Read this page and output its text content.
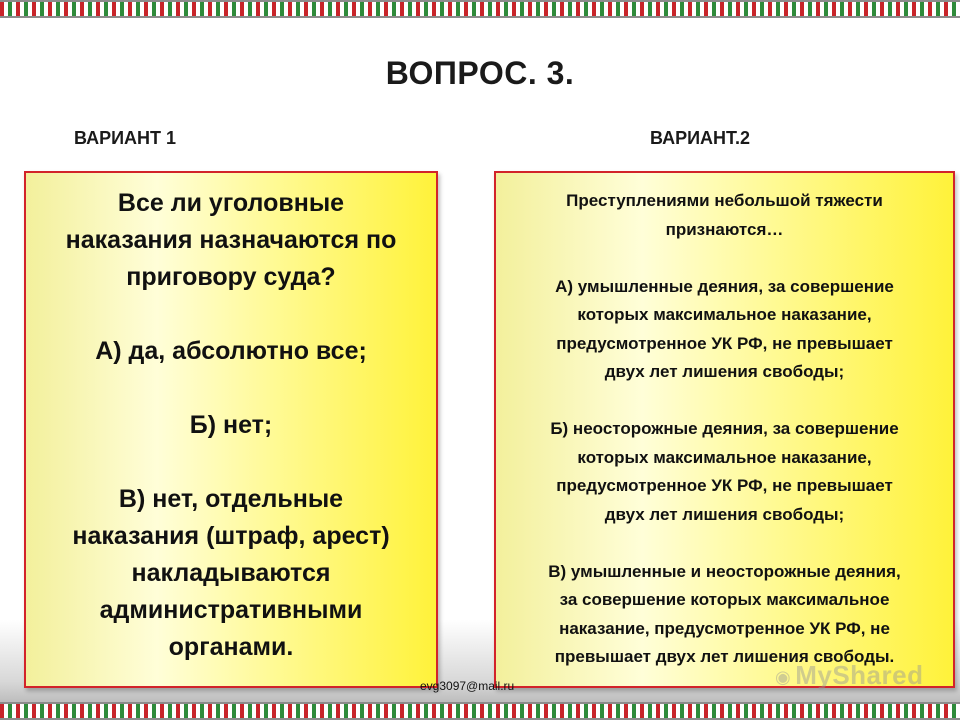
ВОПРОС. 3.
ВАРИАНТ 1	ВАРИАНТ.2

Все ли уголовные

наказания назначаются по

приговору суда?

А) да, абсолютно все;

Б) нет;

В) нет, отдельные

наказания (штраф, арест)

накладываются

административными

органами.

Преступлениями небольшой тяжести

признаются…

А) умышленные деяния, за совершение

которых максимальное наказание,

предусмотренное УК РФ, не превышает

двух лет лишения свободы;

Б) неосторожные деяния, за совершение

которых максимальное наказание,

предусмотренное УК РФ, не превышает

двух лет лишения свободы;

В) умышленные и неосторожные деяния,

за совершение которых максимальное

наказание, предусмотренное УК РФ, не

превышает двух лет лишения свободы.

◉ MyShared
evg3097@mail.ru
